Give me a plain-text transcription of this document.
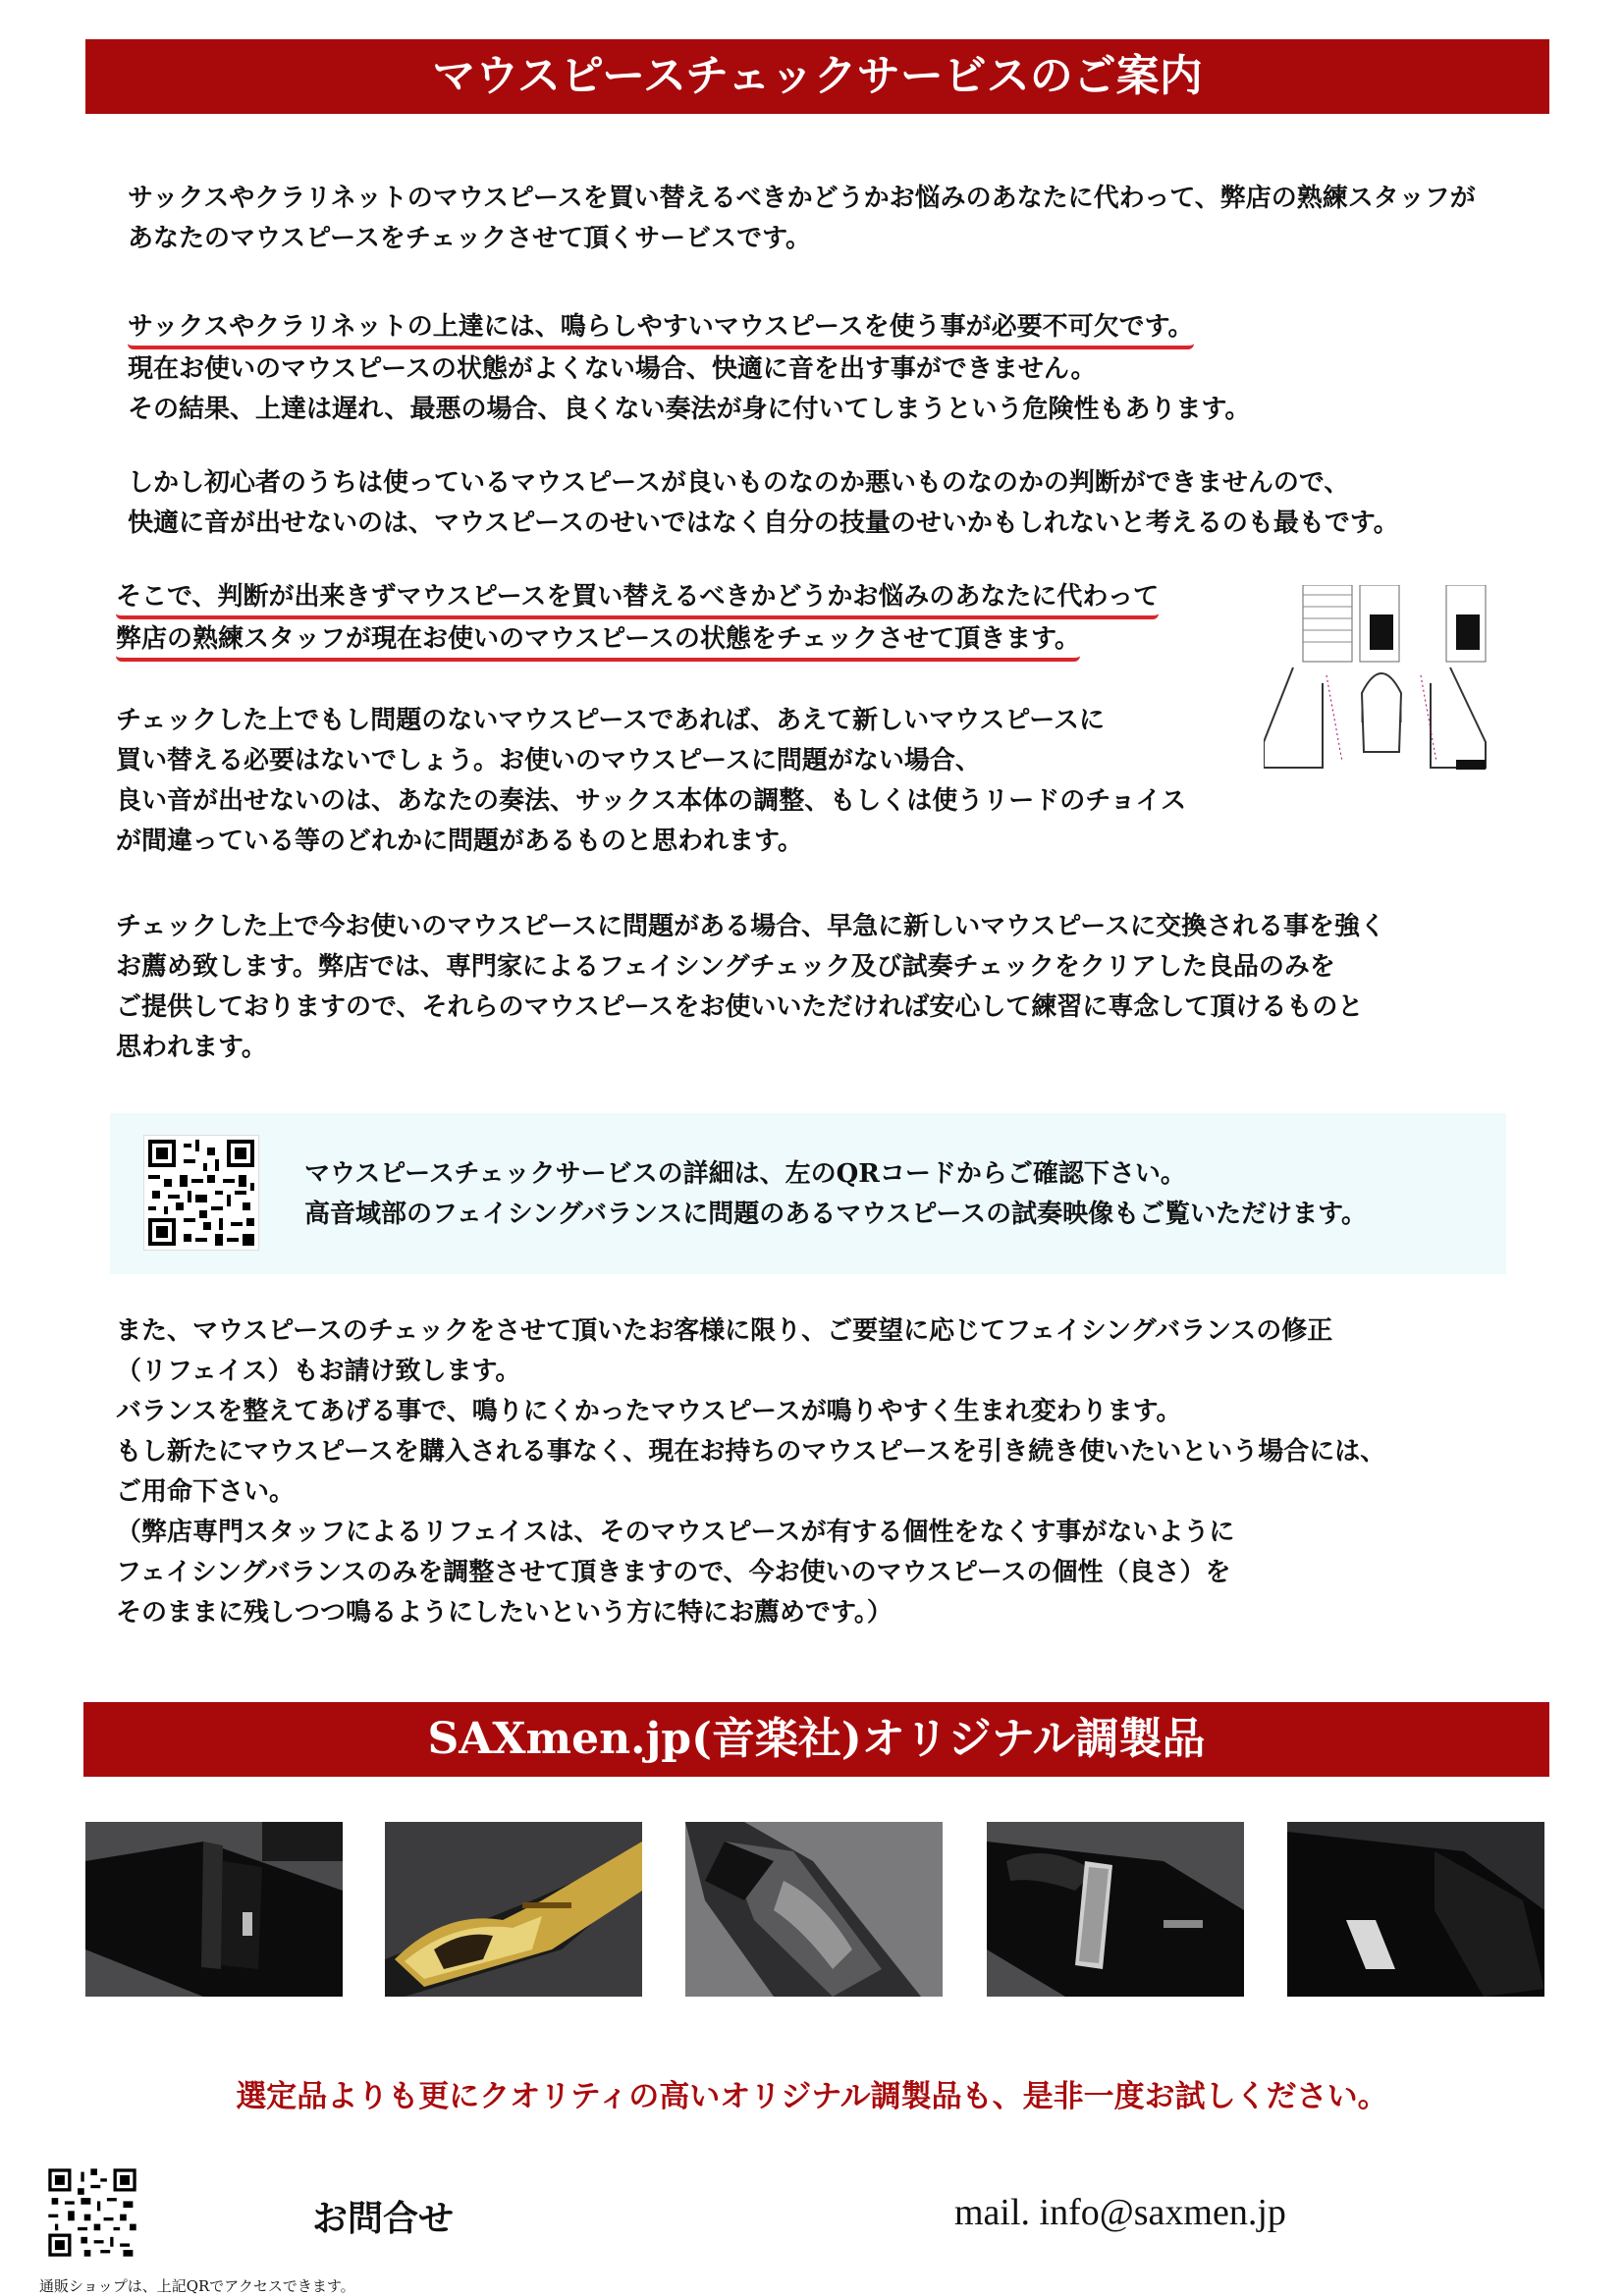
マウスピースチェックサービスのご案内
サックスやクラリネットのマウスピースを買い替えるべきかどうかお悩みのあなたに代わって、弊店の熟練スタッフが
あなたのマウスピースをチェックさせて頂くサービスです。
サックスやクラリネットの上達には、鳴らしやすいマウスピースを使う事が必要不可欠です。
現在お使いのマウスピースの状態がよくない場合、快適に音を出す事ができません。
その結果、上達は遅れ、最悪の場合、良くない奏法が身に付いてしまうという危険性もあります。
しかし初心者のうちは使っているマウスピースが良いものなのか悪いものなのかの判断ができませんので、
快適に音が出せないのは、マウスピースのせいではなく自分の技量のせいかもしれないと考えるのも最もです。
そこで、判断が出来きずマウスピースを買い替えるべきかどうかお悩みのあなたに代わって
弊店の熟練スタッフが現在お使いのマウスピースの状態をチェックさせて頂きます。
チェックした上でもし問題のないマウスピースであれば、あえて新しいマウスピースに
買い替える必要はないでしょう。お使いのマウスピースに問題がない場合、
良い音が出せないのは、あなたの奏法、サックス本体の調整、もしくは使うリードのチョイス
が間違っている等のどれかに問題があるものと思われます。
チェックした上で今お使いのマウスピースに問題がある場合、早急に新しいマウスピースに交換される事を強く
お薦め致します。弊店では、専門家によるフェイシングチェック及び試奏チェックをクリアした良品のみを
ご提供しておりますので、それらのマウスピースをお使いいただければ安心して練習に専念して頂けるものと
思われます。
マウスピースチェックサービスの詳細は、左のQRコードからご確認下さい。
高音域部のフェイシングバランスに問題のあるマウスピースの試奏映像もご覧いただけます。
また、マウスピースのチェックをさせて頂いたお客様に限り、ご要望に応じてフェイシングバランスの修正
（リフェイス）もお請け致します。
バランスを整えてあげる事で、鳴りにくかったマウスピースが鳴りやすく生まれ変わります。
もし新たにマウスピースを購入される事なく、現在お持ちのマウスピースを引き続き使いたいという場合には、
ご用命下さい。
（弊店専門スタッフによるリフェイスは、そのマウスピースが有する個性をなくす事がないように
フェイシングバランスのみを調整させて頂きますので、今お使いのマウスピースの個性（良さ）を
そのままに残しつつ鳴るようにしたいという方に特にお薦めです。）
SAXmen.jp(音楽社)オリジナル調製品
選定品よりも更にクオリティの高いオリジナル調製品も、是非一度お試しください。
お問合せ	mail. info@saxmen.jp
通販ショップは、上記QRでアクセスできます。
